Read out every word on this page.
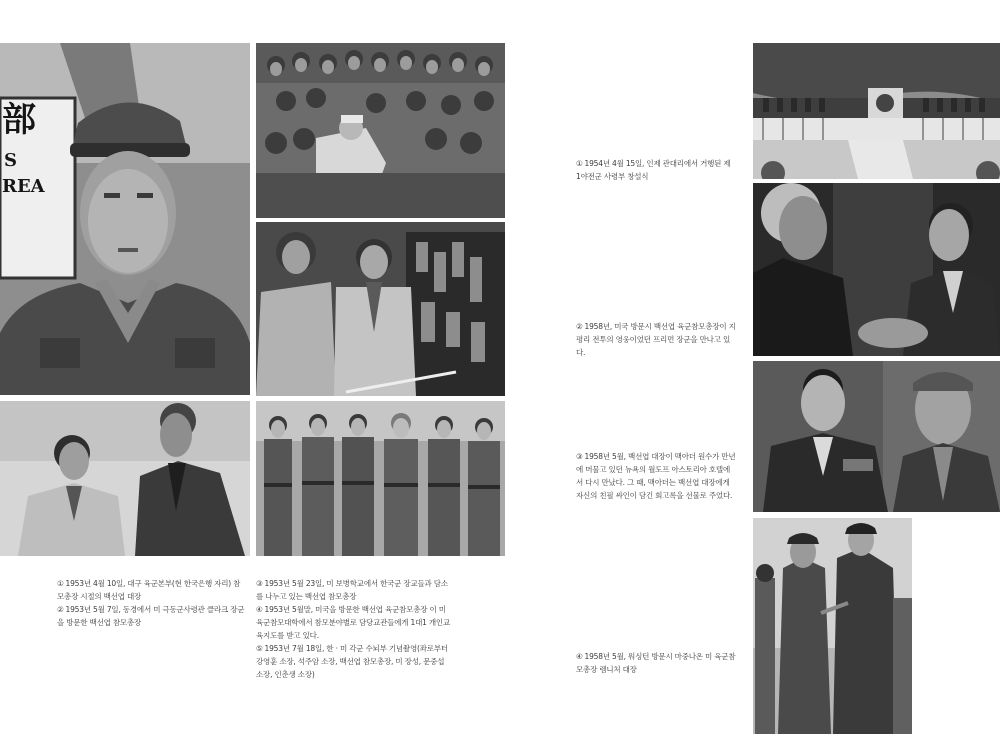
部
S
REA

① 1953년 4월 10일, 대구 육군본부(현 한국은행 자리) 참모총장 시절의 백선엽 대장

② 1953년 5월 7일, 동경에서 미 극동군사령관 클라크 장군을 방문한 백선엽 참모총장

③ 1953년 5월 23일, 미 보병학교에서 한국군 장교들과 담소를 나누고 있는 백선엽 참모총장

④ 1953년 5월말, 미국을 방문한 백선엽 육군참모총장 이 미 육군참모대학에서 참모분야별로 담당교관들에게 1대1 개인교육지도를 받고 있다.

⑤ 1953년 7월 18일, 한 · 미 각군 수뇌부 기념촬영(좌로부터 강영훈 소장, 석주암 소장, 백선엽 참모총장, 미 장성, 문중섭 소장, 인춘생 소장)

① 1954년 4월 15일, 인제 관대리에서 거행된 제 1야전군 사령부 창설식
② 1958년, 미국 방문시 백선엽 육군참모총장이 지평리 전투의 영웅이었던 프리먼 장군을 만나고 있다.
③ 1958년 5월, 백선엽 대장이 맥아더 원수가 만년에 머물고 있던 뉴욕의 월도프 아스토리아 호텔에서 다시 만났다. 그 때, 맥아더는 백선엽 대장에게 자신의 친필 싸인이 담긴 회고록을 선물로 주었다.
④ 1958년 5월, 워싱턴 방문시 마중나온 미 육군참모총장 렘니처 대장
